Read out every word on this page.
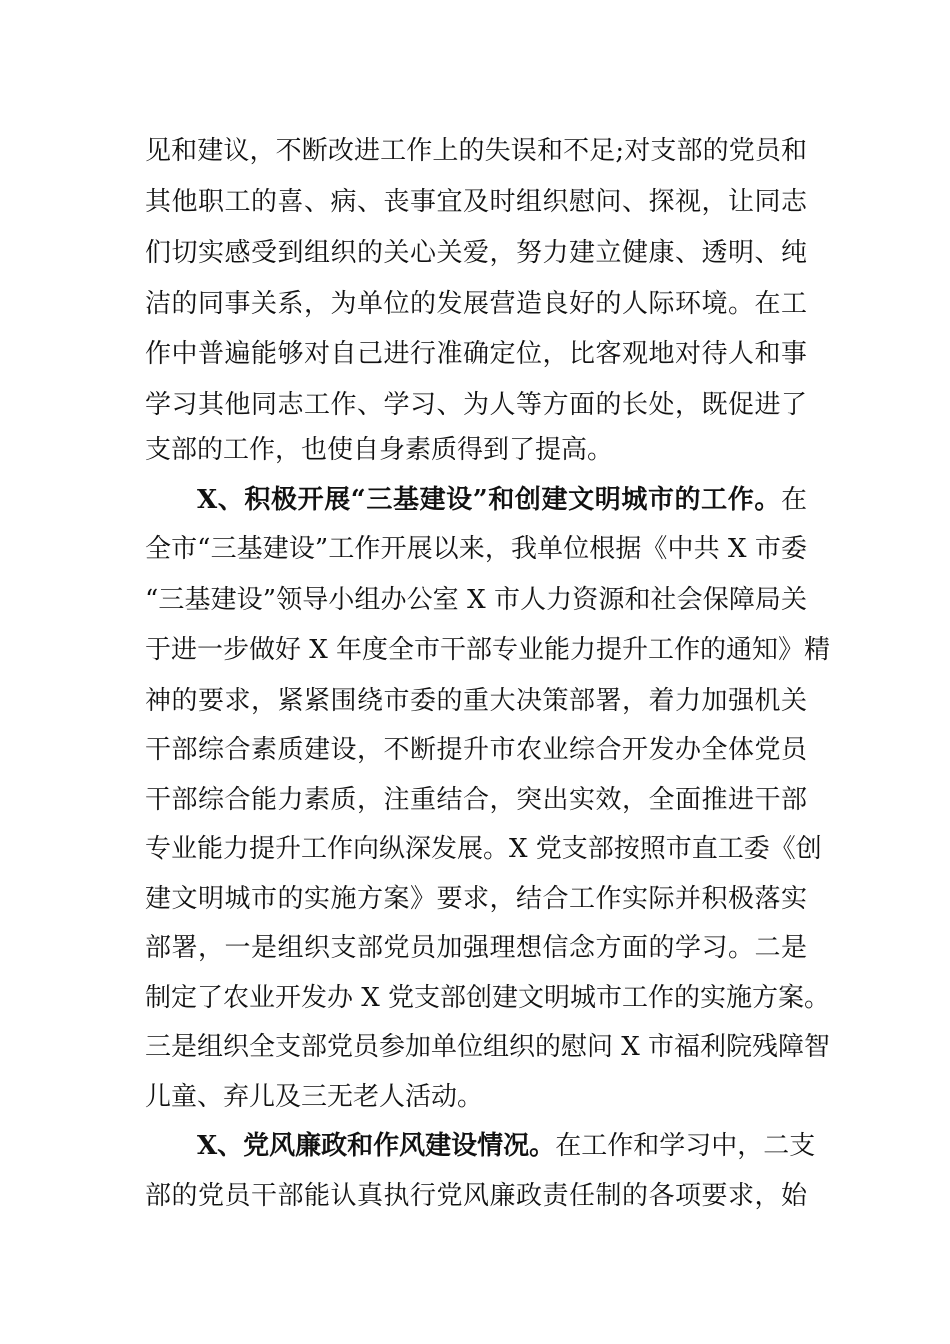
见和建议，不断改进工作上的失误和不足;对支部的党员和
其他职工的喜、病、丧事宜及时组织慰问、探视，让同志
们切实感受到组织的关心关爱，努力建立健康、透明、纯
洁的同事关系，为单位的发展营造良好的人际环境。在工
作中普遍能够对自己进行准确定位，比客观地对待人和事
学习其他同志工作、学习、为人等方面的长处，既促进了
支部的工作，也使自身素质得到了提高。
X、积极开展“三基建设”和创建文明城市的工作。在
全市“三基建设”工作开展以来，我单位根据《中共 X 市委
“三基建设”领导小组办公室 X 市人力资源和社会保障局关
于进一步做好 X 年度全市干部专业能力提升工作的通知》精
神的要求，紧紧围绕市委的重大决策部署，着力加强机关
干部综合素质建设，不断提升市农业综合开发办全体党员
干部综合能力素质，注重结合，突出实效，全面推进干部
专业能力提升工作向纵深发展。X 党支部按照市直工委《创
建文明城市的实施方案》要求，结合工作实际并积极落实
部署，一是组织支部党员加强理想信念方面的学习。二是
制定了农业开发办 X 党支部创建文明城市工作的实施方案。
三是组织全支部党员参加单位组织的慰问 X 市福利院残障智
儿童、弃儿及三无老人活动。
X、党风廉政和作风建设情况。在工作和学习中，二支
部的党员干部能认真执行党风廉政责任制的各项要求，始
